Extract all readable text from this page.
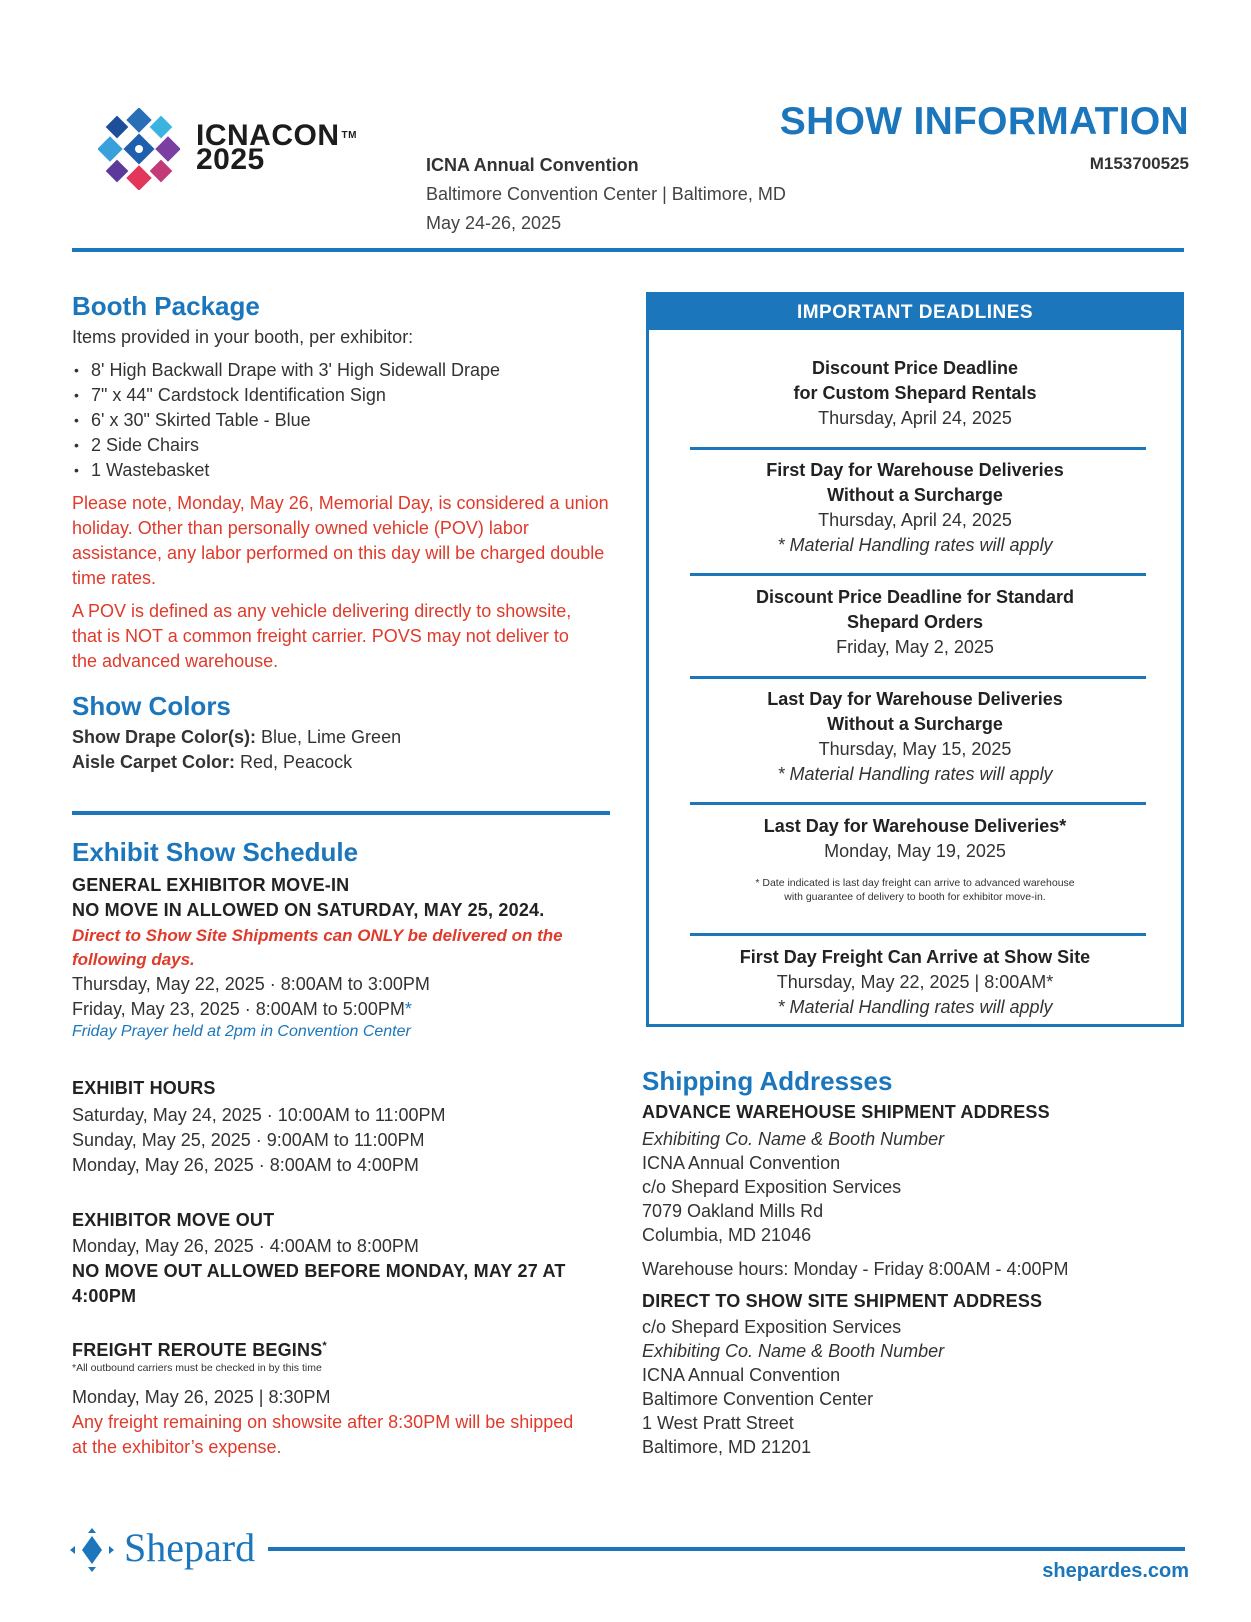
ICNACON ™
2025
SHOW INFORMATION
M153700525
ICNA Annual Convention
Baltimore Convention Center | Baltimore, MD
May 24-26, 2025
Booth Package
Items provided in your booth, per exhibitor:
• 8' High Backwall Drape with 3' High Sidewall Drape
• 7" x 44" Cardstock Identification Sign
• 6' x 30" Skirted Table - Blue
• 2 Side Chairs
• 1 Wastebasket
Please note, Monday, May 26, Memorial Day, is considered a union holiday. Other than personally owned vehicle (POV) labor assistance, any labor performed on this day will be charged double time rates.
A POV is defined as any vehicle delivering directly to showsite, that is NOT a common freight carrier. POVS may not deliver to the advanced warehouse.
Show Colors
Show Drape Color(s): Blue, Lime Green
Aisle Carpet Color: Red, Peacock
Exhibit Show Schedule
GENERAL EXHIBITOR MOVE-IN
NO MOVE IN ALLOWED ON SATURDAY, MAY 25, 2024.
Direct to Show Site Shipments can ONLY be delivered on the following days.
Thursday, May 22, 2025 · 8:00AM to 3:00PM
Friday, May 23, 2025 · 8:00AM to 5:00PM*
Friday Prayer held at 2pm in Convention Center
EXHIBIT HOURS
Saturday, May 24, 2025 · 10:00AM to 11:00PM
Sunday, May 25, 2025 · 9:00AM to 11:00PM
Monday, May 26, 2025 · 8:00AM to 4:00PM
EXHIBITOR MOVE OUT
Monday, May 26, 2025 · 4:00AM to 8:00PM
NO MOVE OUT ALLOWED BEFORE MONDAY, MAY 27 AT 4:00PM
FREIGHT REROUTE BEGINS*
*All outbound carriers must be checked in by this time
Monday, May 26, 2025 | 8:30PM
Any freight remaining on showsite after 8:30PM will be shipped at the exhibitor’s expense.
IMPORTANT DEADLINES
Discount Price Deadline
for Custom Shepard Rentals
Thursday, April 24, 2025
First Day for Warehouse Deliveries
Without a Surcharge
Thursday, April 24, 2025
* Material Handling rates will apply
Discount Price Deadline for Standard
Shepard Orders
Friday, May 2, 2025
Last Day for Warehouse Deliveries
Without a Surcharge
Thursday, May 15, 2025
* Material Handling rates will apply
Last Day for Warehouse Deliveries*
Monday, May 19, 2025
* Date indicated is last day freight can arrive to advanced warehouse
with guarantee of delivery to booth for exhibitor move-in.
First Day Freight Can Arrive at Show Site
Thursday, May 22, 2025 | 8:00AM*
* Material Handling rates will apply
Shipping Addresses
ADVANCE WAREHOUSE SHIPMENT ADDRESS
Exhibiting Co. Name & Booth Number
ICNA Annual Convention
c/o Shepard Exposition Services
7079 Oakland Mills Rd
Columbia, MD 21046
Warehouse hours: Monday - Friday 8:00AM - 4:00PM
DIRECT TO SHOW SITE SHIPMENT ADDRESS
c/o Shepard Exposition Services
Exhibiting Co. Name & Booth Number
ICNA Annual Convention
Baltimore Convention Center
1 West Pratt Street
Baltimore, MD 21201
Shepard
shepardes.com
